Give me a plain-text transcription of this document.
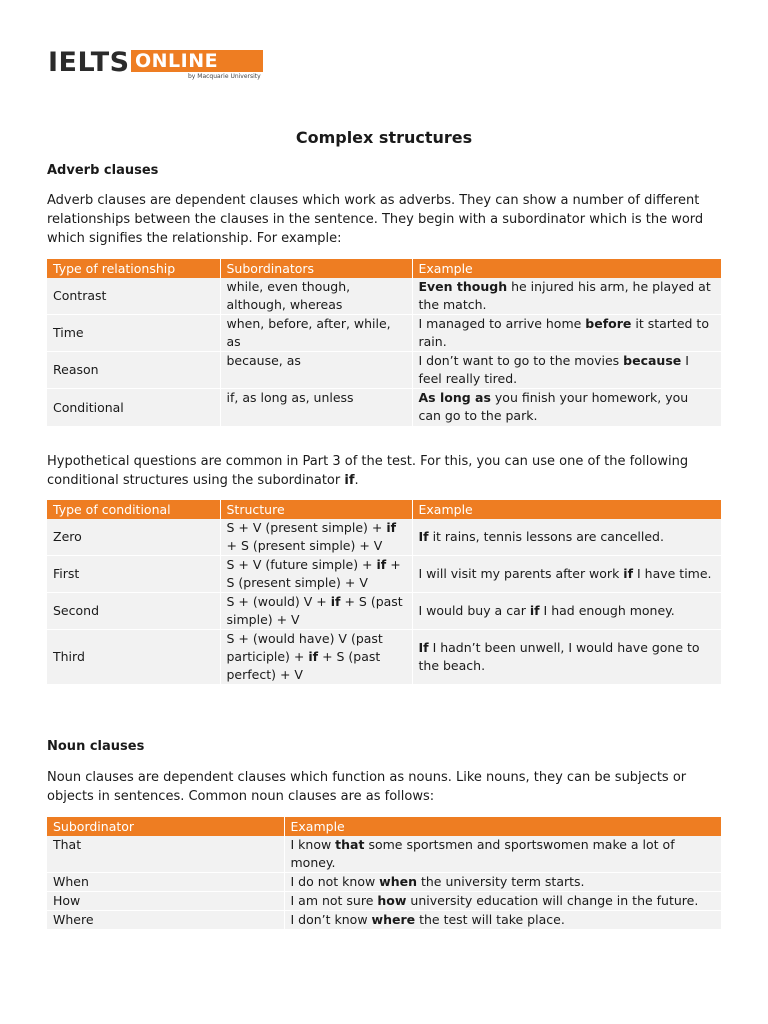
IELTS ONLINE
by Macquarie University
Complex structures
Adverb clauses
Adverb clauses are dependent clauses which work as adverbs. They can show a number of different relationships between the clauses in the sentence. They begin with a subordinator which is the word which signifies the relationship. For example:
Type of relationship	Subordinators	Example
Contrast	while, even though, although, whereas	Even though he injured his arm, he played at the match.
Time	when, before, after, while, as	I managed to arrive home before it started to rain.
Reason	because, as	I don’t want to go to the movies because I feel really tired.
Conditional	if, as long as, unless	As long as you finish your homework, you can go to the park.
Hypothetical questions are common in Part 3 of the test. For this, you can use one of the following conditional structures using the subordinator if.
Type of conditional	Structure	Example
Zero	S + V (present simple) + if + S (present simple) + V	If it rains, tennis lessons are cancelled.
First	S + V (future simple) + if + S (present simple) + V	I will visit my parents after work if I have time.
Second	S + (would) V + if + S (past simple) + V	I would buy a car if I had enough money.
Third	S + (would have) V (past participle) + if + S (past perfect) + V	If I hadn’t been unwell, I would have gone to the beach.
Noun clauses
Noun clauses are dependent clauses which function as nouns. Like nouns, they can be subjects or objects in sentences. Common noun clauses are as follows:
Subordinator	Example
That	I know that some sportsmen and sportswomen make a lot of money.
When	I do not know when the university term starts.
How	I am not sure how university education will change in the future.
Where	I don’t know where the test will take place.
